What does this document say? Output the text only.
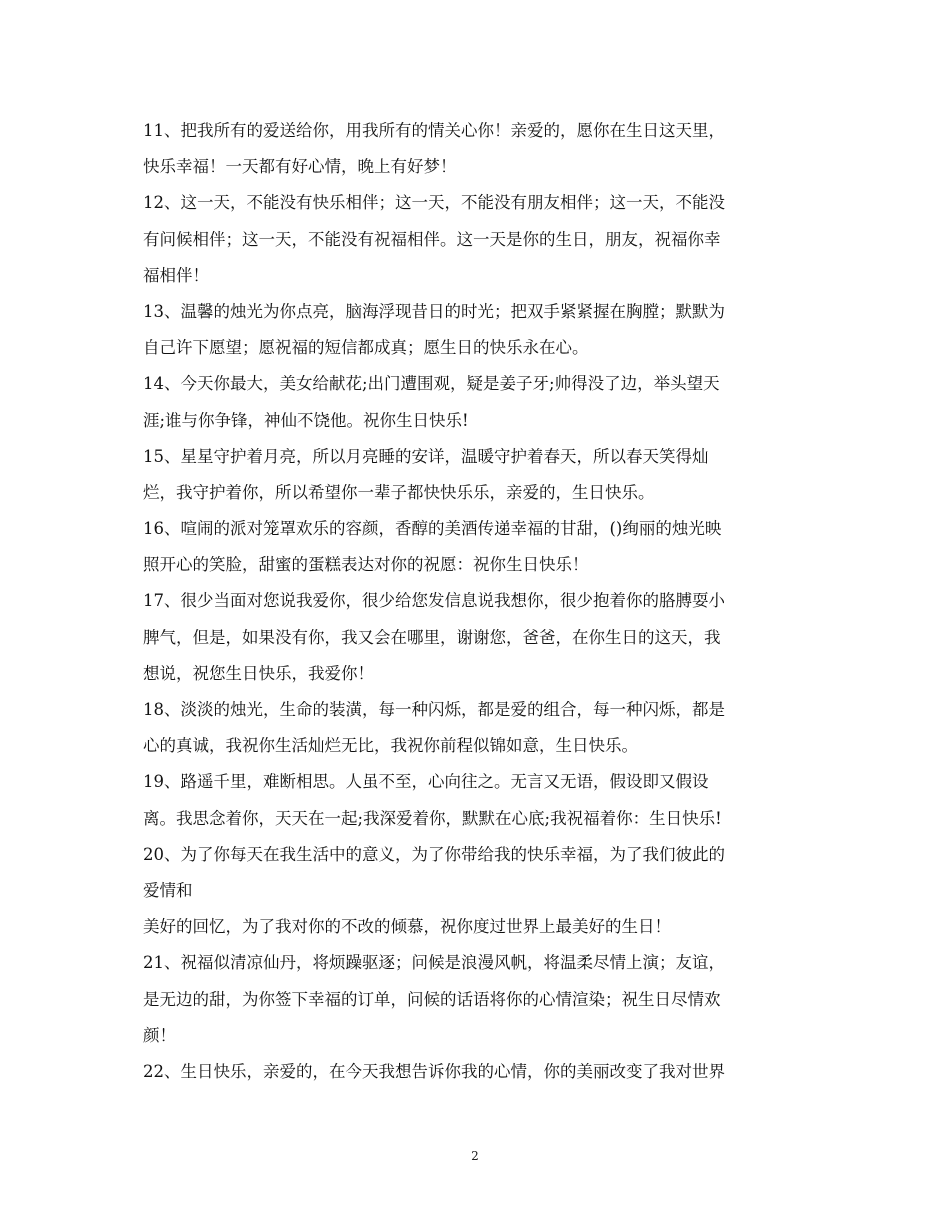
11、把我所有的爱送给你，用我所有的情关心你！亲爱的，愿你在生日这天里，
快乐幸福！一天都有好心情，晚上有好梦！
12、这一天，不能没有快乐相伴；这一天，不能没有朋友相伴；这一天，不能没
有问候相伴；这一天，不能没有祝福相伴。这一天是你的生日，朋友，祝福你幸
福相伴！
13、温馨的烛光为你点亮，脑海浮现昔日的时光；把双手紧紧握在胸膛；默默为
自己许下愿望；愿祝福的短信都成真；愿生日的快乐永在心。
14、今天你最大，美女给献花;出门遭围观，疑是姜子牙;帅得没了边，举头望天
涯;谁与你争锋，神仙不饶他。祝你生日快乐!
15、星星守护着月亮，所以月亮睡的安详，温暖守护着春天，所以春天笑得灿
烂，我守护着你，所以希望你一辈子都快快乐乐，亲爱的，生日快乐。
16、喧闹的派对笼罩欢乐的容颜，香醇的美酒传递幸福的甘甜，()绚丽的烛光映
照开心的笑脸，甜蜜的蛋糕表达对你的祝愿：祝你生日快乐！
17、很少当面对您说我爱你，很少给您发信息说我想你，很少抱着你的胳膊耍小
脾气，但是，如果没有你，我又会在哪里，谢谢您，爸爸，在你生日的这天，我
想说，祝您生日快乐，我爱你！
18、淡淡的烛光，生命的装潢，每一种闪烁，都是爱的组合，每一种闪烁，都是
心的真诚，我祝你生活灿烂无比，我祝你前程似锦如意，生日快乐。
19、路遥千里，难断相思。人虽不至，心向往之。无言又无语，假设即又假设
离。我思念着你，天天在一起;我深爱着你，默默在心底;我祝福着你：生日快乐!
20、为了你每天在我生活中的意义，为了你带给我的快乐幸福，为了我们彼此的
爱情和
美好的回忆，为了我对你的不改的倾慕，祝你度过世界上最美好的生日！
21、祝福似清凉仙丹，将烦躁驱逐；问候是浪漫风帆，将温柔尽情上演；友谊，
是无边的甜，为你签下幸福的订单，问候的话语将你的心情渲染；祝生日尽情欢
颜！
22、生日快乐，亲爱的，在今天我想告诉你我的心情，你的美丽改变了我对世界
2
